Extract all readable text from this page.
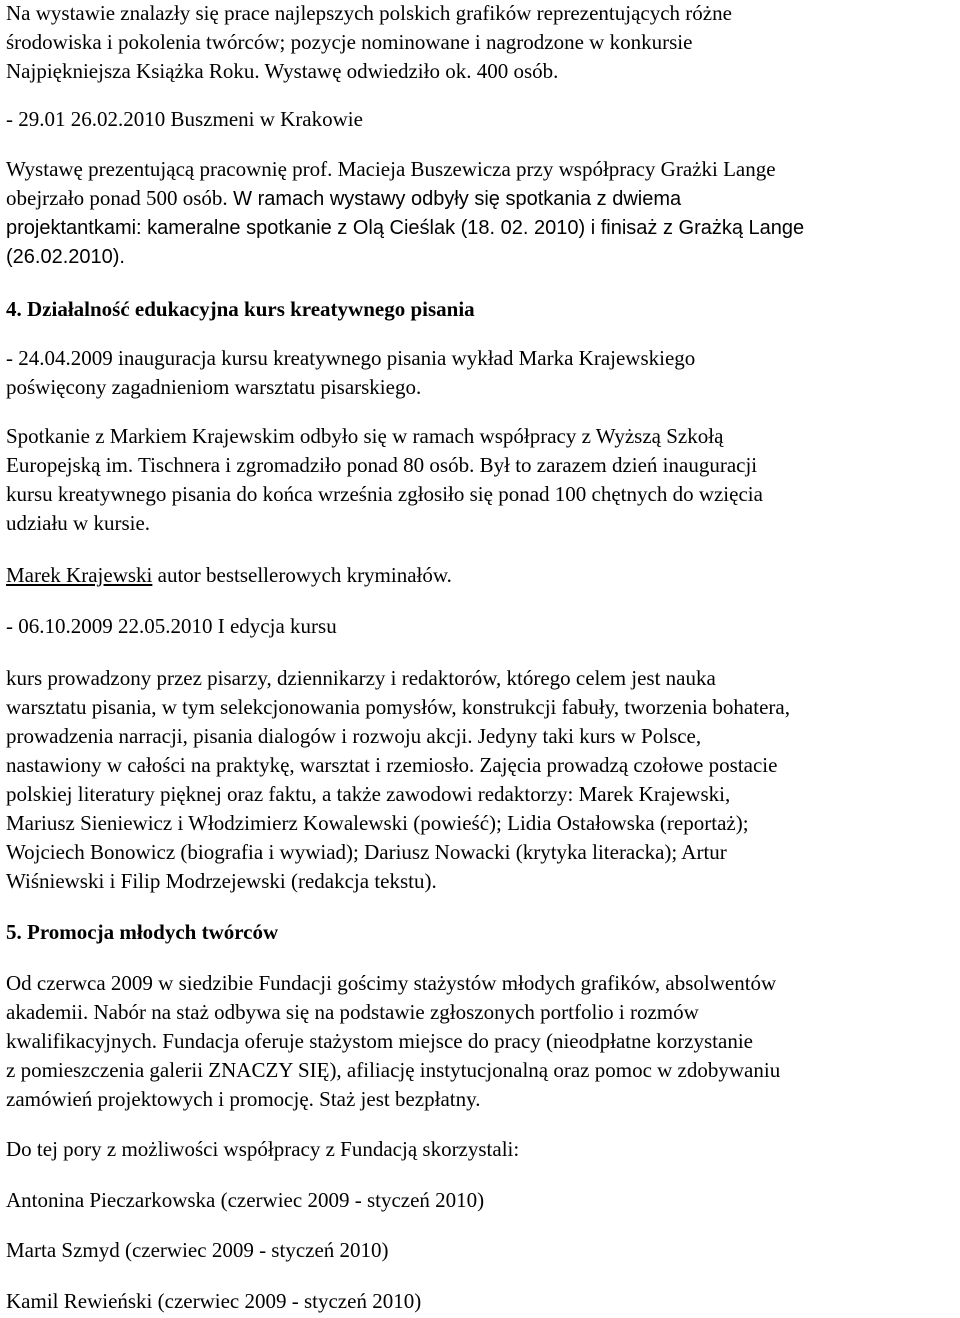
Na wystawie znalazły się prace najlepszych polskich grafików reprezentujących różne

środowiska i pokolenia twórców; pozycje nominowane i nagrodzone w konkursie

Najpiękniejsza Książka Roku. Wystawę odwiedziło ok. 400 osób.

- 29.01 26.02.2010 Buszmeni w Krakowie

Wystawę prezentującą pracownię prof. Macieja Buszewicza przy współpracy Grażki Lange

obejrzało ponad 500 osób. W ramach wystawy odbyły się spotkania z dwiema

projektantkami: kameralne spotkanie z Olą Cieślak (18. 02. 2010) i finisaż z Grażką Lange

(26.02.2010).

4. Działalność edukacyjna kurs kreatywnego pisania

- 24.04.2009 inauguracja kursu kreatywnego pisania wykład Marka Krajewskiego

poświęcony zagadnieniom warsztatu pisarskiego.

Spotkanie z Markiem Krajewskim odbyło się w ramach współpracy z Wyższą Szkołą

Europejską im. Tischnera i zgromadziło ponad 80 osób. Był to zarazem dzień inauguracji

kursu kreatywnego pisania do końca września zgłosiło się ponad 100 chętnych do wzięcia

udziału w kursie.

Marek Krajewski autor bestsellerowych kryminałów.

- 06.10.2009 22.05.2010 I edycja kursu

kurs prowadzony przez pisarzy, dziennikarzy i redaktorów, którego celem jest nauka

warsztatu pisania, w tym selekcjonowania pomysłów, konstrukcji fabuły, tworzenia bohatera,

prowadzenia narracji, pisania dialogów i rozwoju akcji. Jedyny taki kurs w Polsce,

nastawiony w całości na praktykę, warsztat i rzemiosło. Zajęcia prowadzą czołowe postacie

polskiej literatury pięknej oraz faktu, a także zawodowi redaktorzy: Marek Krajewski,

Mariusz Sieniewicz i Włodzimierz Kowalewski (powieść); Lidia Ostałowska (reportaż);

Wojciech Bonowicz (biografia i wywiad); Dariusz Nowacki (krytyka literacka); Artur

Wiśniewski i Filip Modrzejewski (redakcja tekstu).

5. Promocja młodych twórców

Od czerwca 2009 w siedzibie Fundacji gościmy stażystów młodych grafików, absolwentów

akademii. Nabór na staż odbywa się na podstawie zgłoszonych portfolio i rozmów

kwalifikacyjnych. Fundacja oferuje stażystom miejsce do pracy (nieodpłatne korzystanie

z pomieszczenia galerii ZNACZY SIĘ), afiliację instytucjonalną oraz pomoc w zdobywaniu

zamówień projektowych i promocję. Staż jest bezpłatny.

Do tej pory z możliwości współpracy z Fundacją skorzystali:

Antonina Pieczarkowska (czerwiec 2009 - styczeń 2010)

Marta Szmyd (czerwiec 2009 - styczeń 2010)

Kamil Rewieński (czerwiec 2009 - styczeń 2010)
